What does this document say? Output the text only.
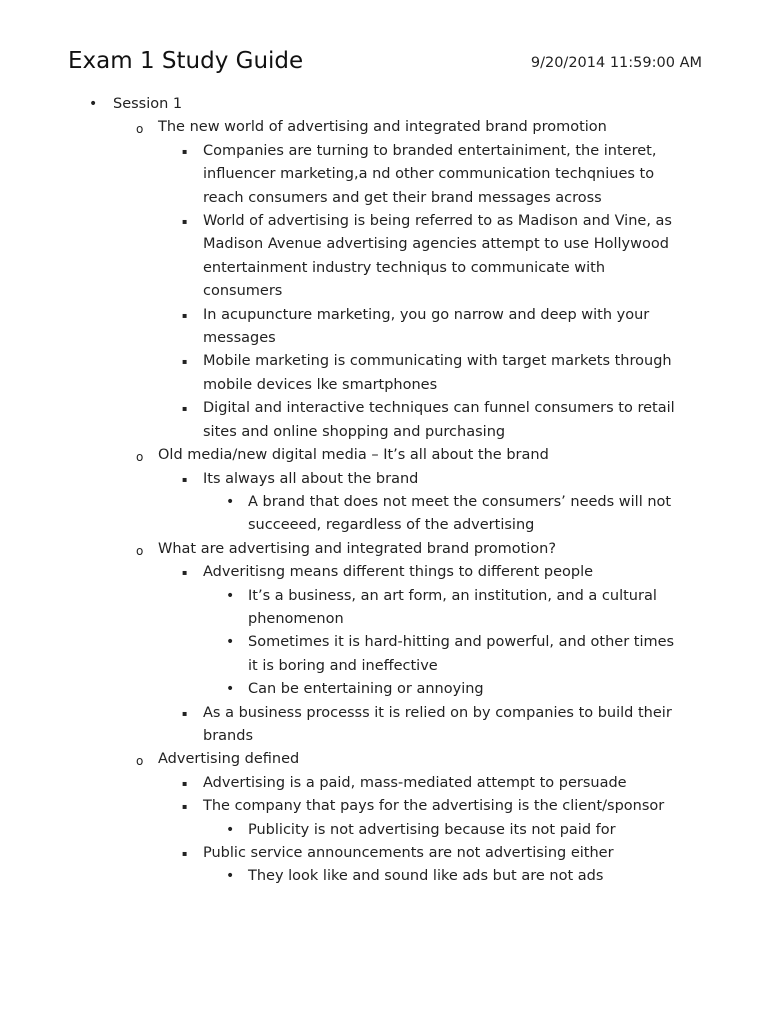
Exam 1 Study Guide	9/20/2014 11:59:00 AM
• Session 1
o The new world of advertising and integrated brand promotion
▪ Companies are turning to branded entertainiment, the interet, influencer marketing,a nd other communication techqniues to reach consumers and get their brand messages across
▪ World of advertising is being referred to as Madison and Vine, as Madison Avenue advertising agencies attempt to use Hollywood entertainment industry techniqus to communicate with consumers
▪ In acupuncture marketing, you go narrow and deep with your messages
▪ Mobile marketing is communicating with target markets through mobile devices lke smartphones
▪ Digital and interactive techniques can funnel consumers to retail sites and online shopping and purchasing
o Old media/new digital media – It’s all about the brand
▪ Its always all about the brand
• A brand that does not meet the consumers’ needs will not succeeed, regardless of the advertising
o What are advertising and integrated brand promotion?
▪ Adveritisng means different things to different people
• It’s a business, an art form, an institution, and a cultural phenomenon
• Sometimes it is hard-hitting and powerful, and other times it is boring and ineffective
• Can be entertaining or annoying
▪ As a business processs it is relied on by companies to build their brands
o Advertising defined
▪ Advertising is a paid, mass-mediated attempt to persuade
▪ The company that pays for the advertising is the client/sponsor
• Publicity is not advertising because its not paid for
▪ Public service announcements are not advertising either
• They look like and sound like ads but are not ads
